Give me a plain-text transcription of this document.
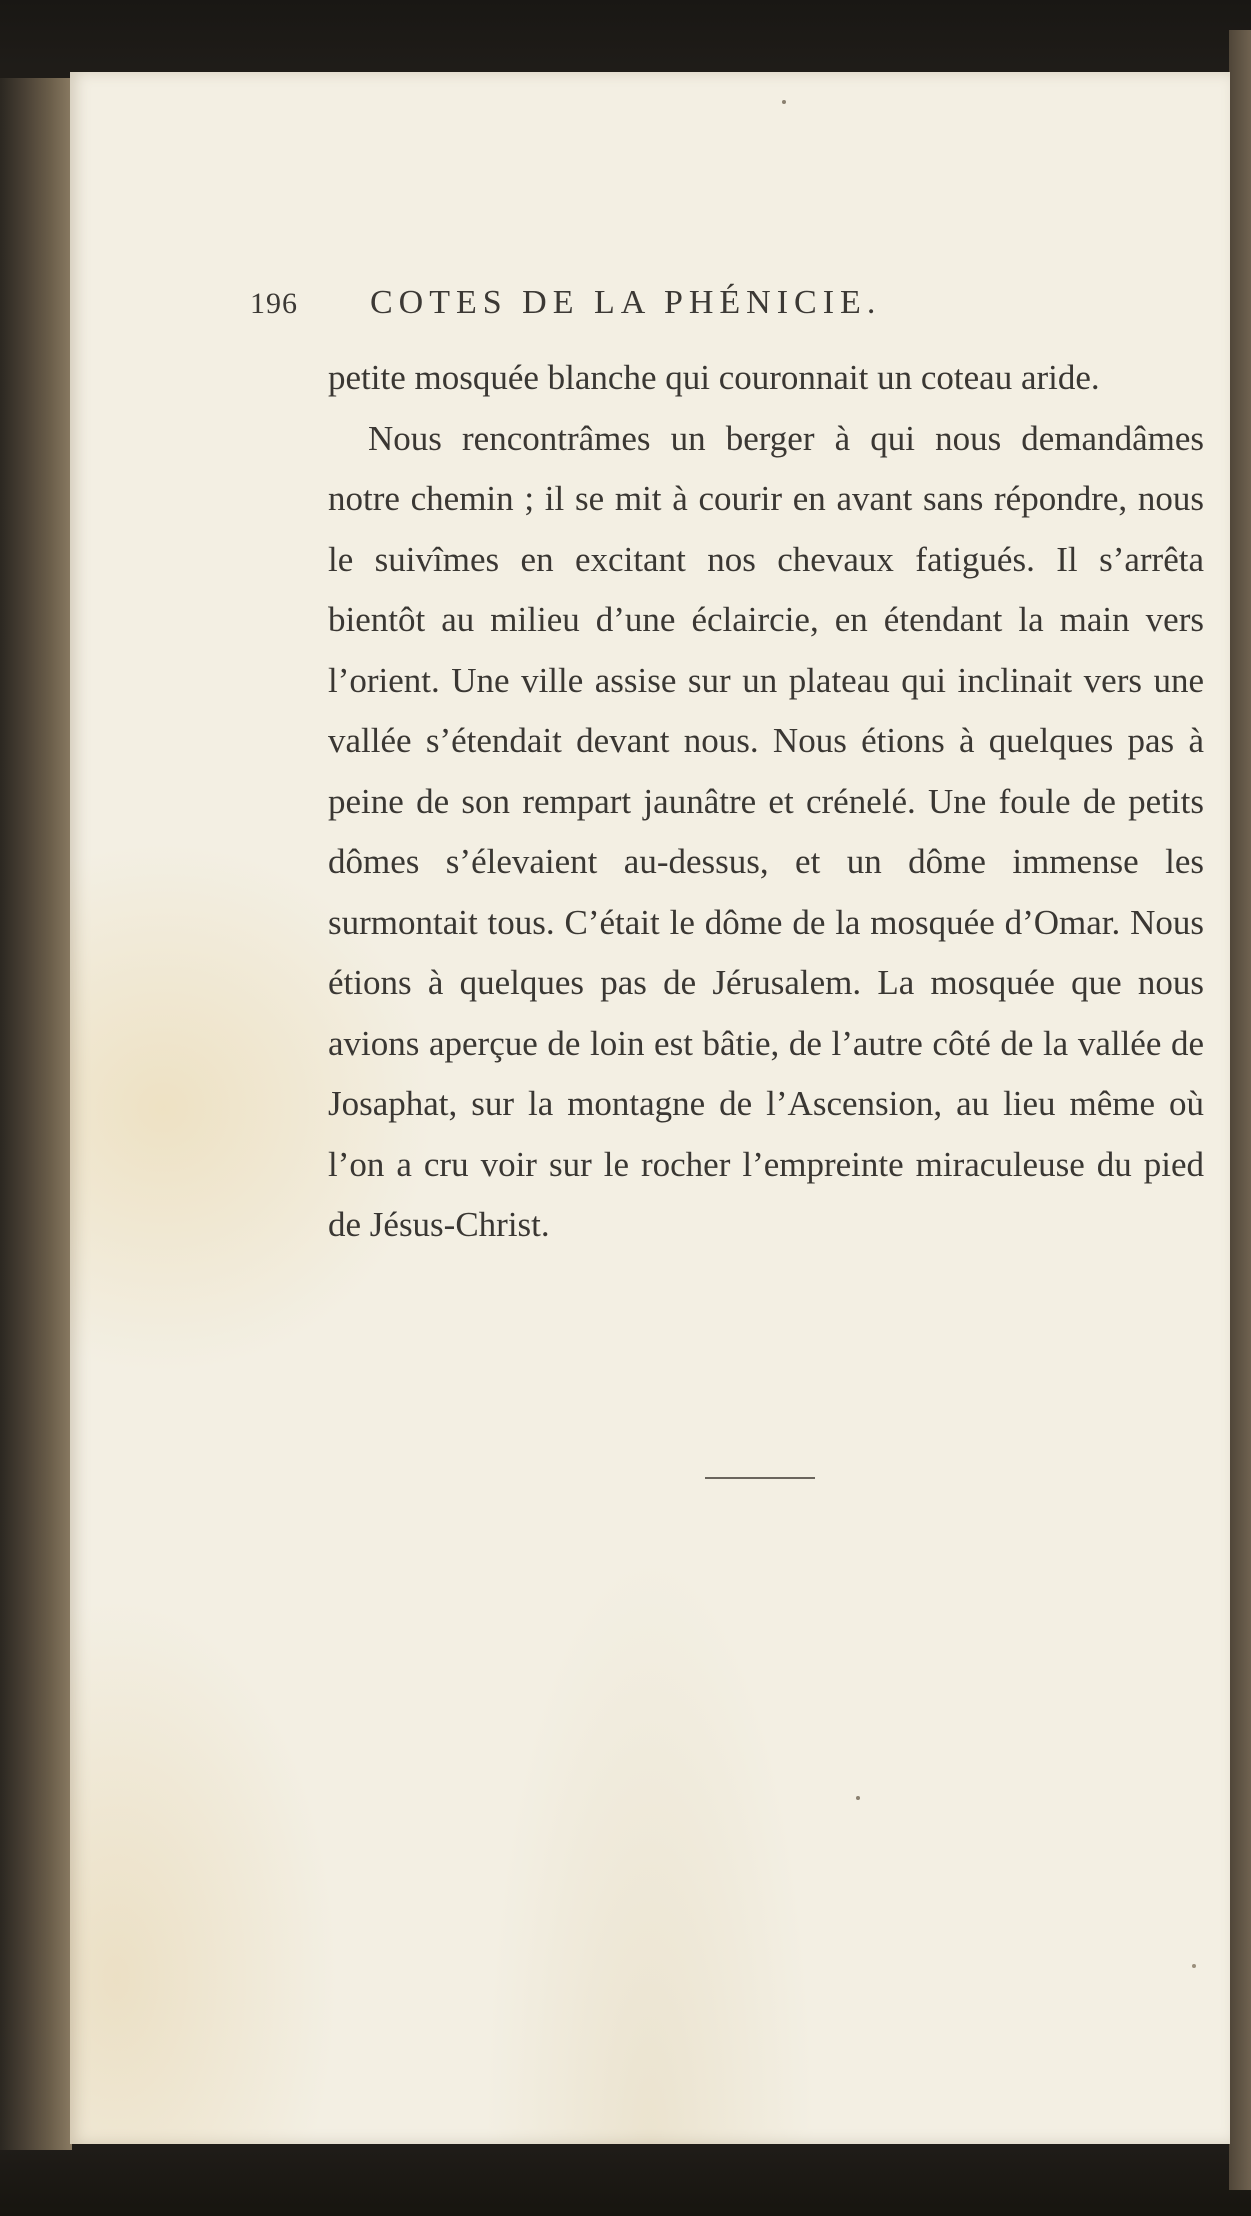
196	COTES DE LA PHÉNICIE.

petite mosquée blanche qui couronnait un coteau aride.

Nous rencontrâmes un berger à qui nous demandâmes notre chemin ; il se mit à courir en avant sans répondre, nous le suivîmes en excitant nos chevaux fatigués. Il s’arrêta bientôt au milieu d’une éclaircie, en étendant la main vers l’orient. Une ville assise sur un plateau qui inclinait vers une vallée s’étendait devant nous. Nous étions à quelques pas à peine de son rempart jaunâtre et crénelé. Une foule de petits dômes s’élevaient au-dessus, et un dôme immense les surmontait tous. C’était le dôme de la mosquée d’Omar. Nous étions à quelques pas de Jérusalem. La mosquée que nous avions aperçue de loin est bâtie, de l’autre côté de la vallée de Josaphat, sur la montagne de l’Ascension, au lieu même où l’on a cru voir sur le rocher l’empreinte miraculeuse du pied de Jésus-Christ.
